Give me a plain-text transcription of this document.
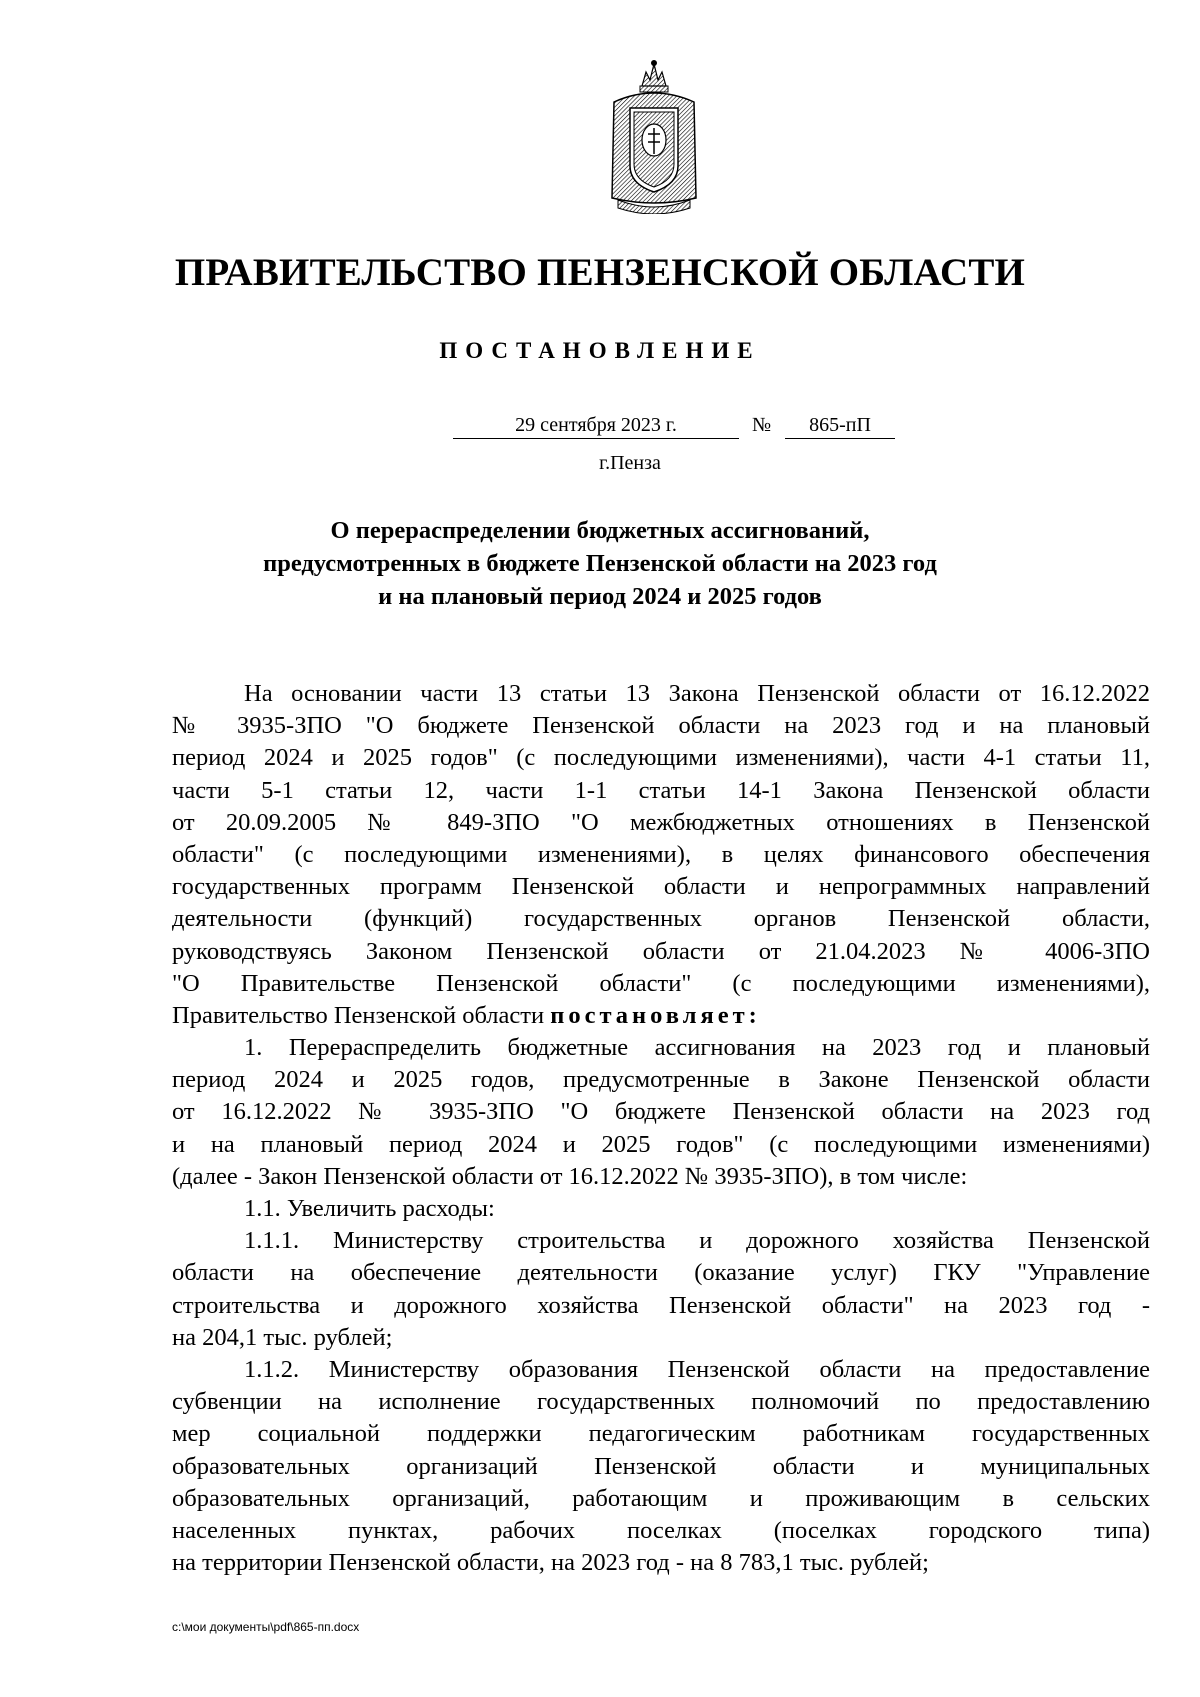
ПРАВИТЕЛЬСТВО ПЕНЗЕНСКОЙ ОБЛАСТИ
ПОСТАНОВЛЕНИЕ
29 сентября 2023 г.	№	865-пП
г.Пенза
О перераспределении бюджетных ассигнований,
предусмотренных в бюджете Пензенской области на 2023 год
и на плановый период 2024 и 2025 годов
На основании части 13 статьи 13 Закона Пензенской области от 16.12.2022
№ 3935-ЗПО "О бюджете Пензенской области на 2023 год и на плановый
период 2024 и 2025 годов" (с последующими изменениями), части 4-1 статьи 11,
части 5-1 статьи 12, части 1-1 статьи 14-1 Закона Пензенской области
от 20.09.2005 № 849-ЗПО "О межбюджетных отношениях в Пензенской
области" (с последующими изменениями), в целях финансового обеспечения
государственных программ Пензенской области и непрограммных направлений
деятельности (функций) государственных органов Пензенской области,
руководствуясь Законом Пензенской области от 21.04.2023 № 4006-ЗПО
"О Правительстве Пензенской области" (с последующими изменениями),
Правительство Пензенской области постановляет:
1. Перераспределить бюджетные ассигнования на 2023 год и плановый
период 2024 и 2025 годов, предусмотренные в Законе Пензенской области
от 16.12.2022 № 3935-ЗПО "О бюджете Пензенской области на 2023 год
и на плановый период 2024 и 2025 годов" (с последующими изменениями)
(далее - Закон Пензенской области от 16.12.2022 № 3935-ЗПО), в том числе:
1.1. Увеличить расходы:
1.1.1. Министерству строительства и дорожного хозяйства Пензенской
области на обеспечение деятельности (оказание услуг) ГКУ "Управление
строительства и дорожного хозяйства Пензенской области" на 2023 год -
на 204,1 тыс. рублей;
1.1.2. Министерству образования Пензенской области на предоставление
субвенции на исполнение государственных полномочий по предоставлению
мер социальной поддержки педагогическим работникам государственных
образовательных организаций Пензенской области и муниципальных
образовательных организаций, работающим и проживающим в сельских
населенных пунктах, рабочих поселках (поселках городского типа)
на территории Пензенской области, на 2023 год - на 8 783,1 тыс. рублей;
c:\мои документы\pdf\865-пп.docx
